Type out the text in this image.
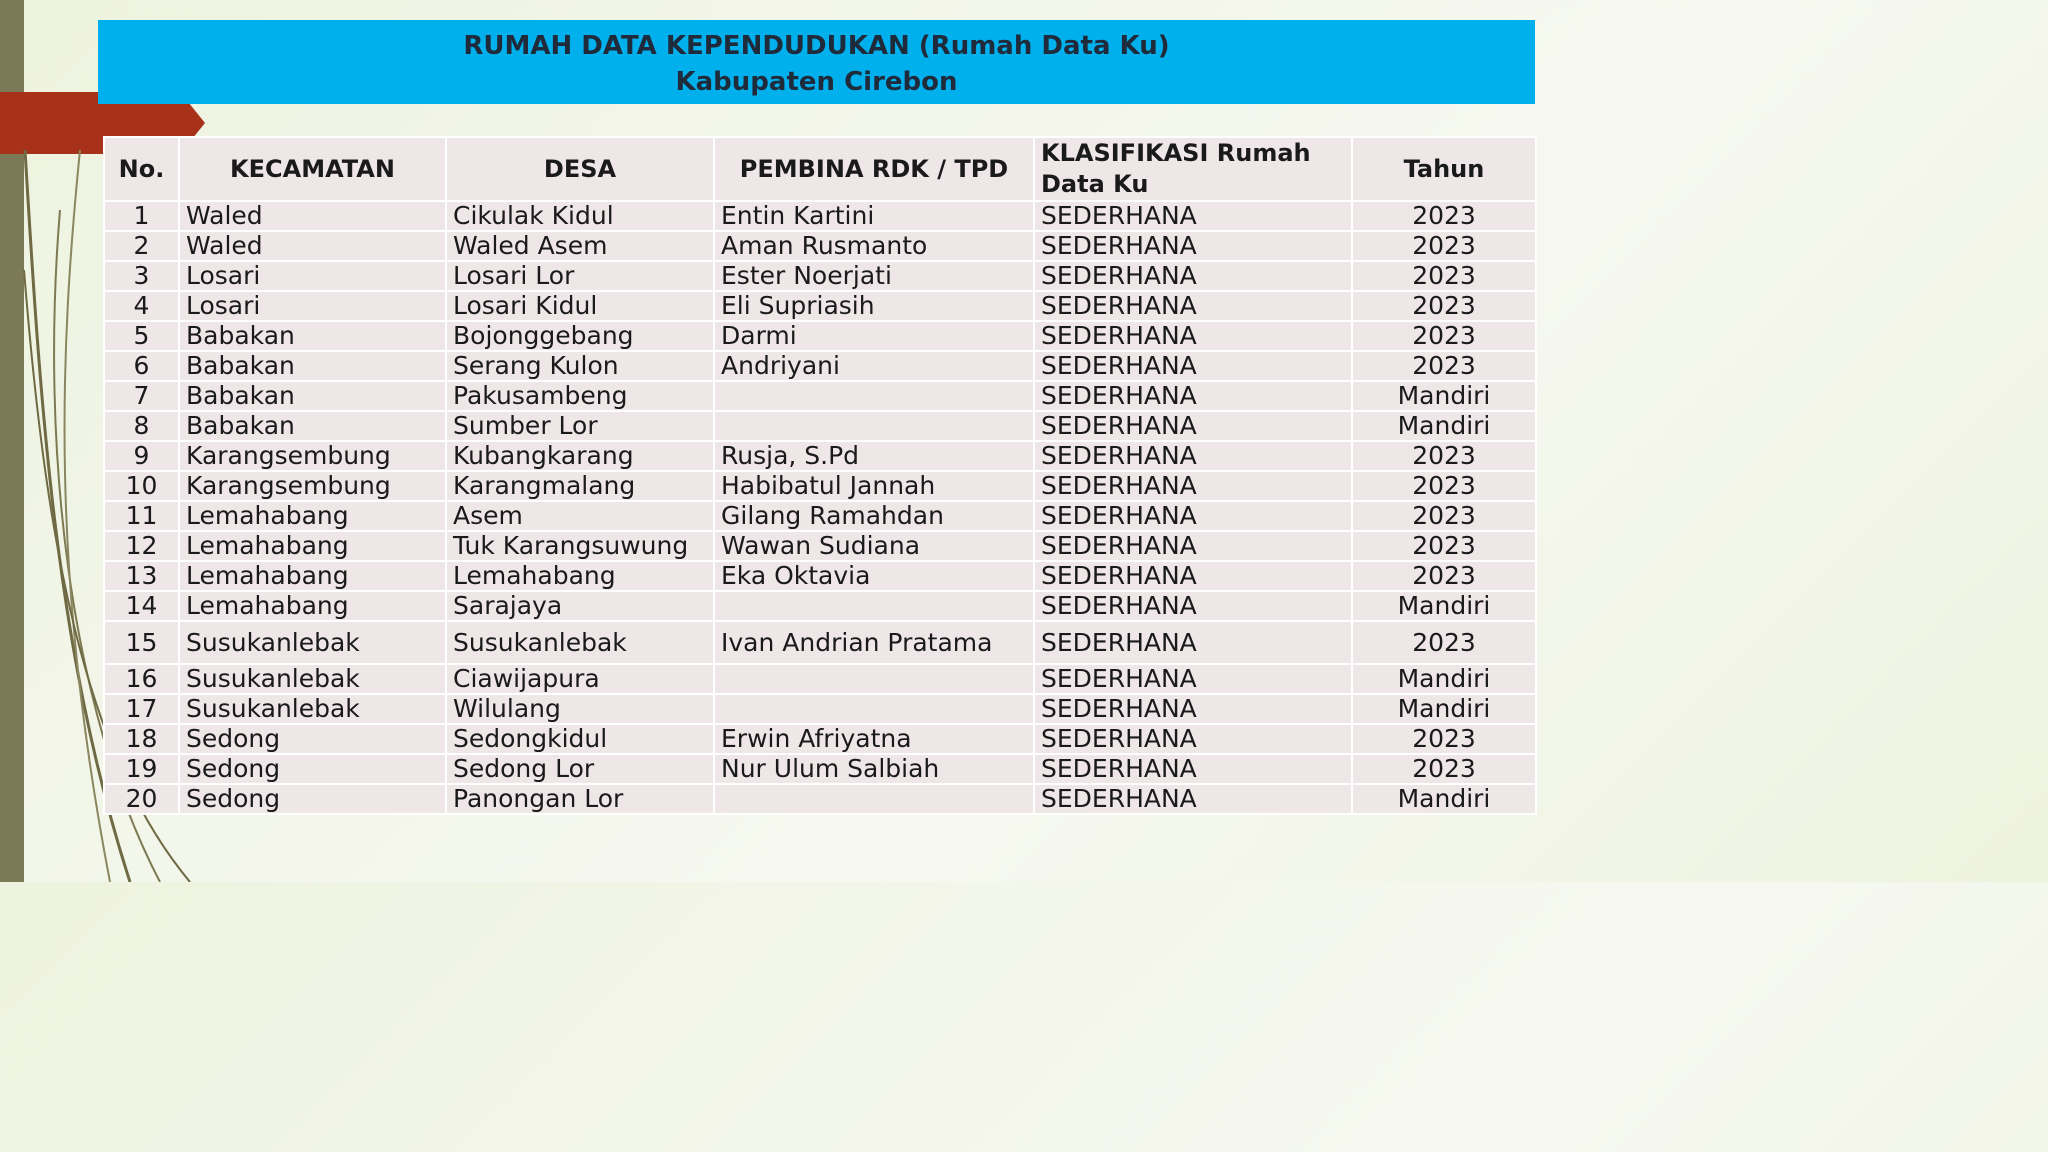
RUMAH DATA KEPENDUDUKAN (Rumah Data Ku)
Kabupaten Cirebon
No.	KECAMATAN	DESA	PEMBINA RDK / TPD	KLASIFIKASI Rumah Data Ku	Tahun
1	Waled	Cikulak Kidul	Entin Kartini	SEDERHANA	2023
2	Waled	Waled Asem	Aman Rusmanto	SEDERHANA	2023
3	Losari	Losari Lor	Ester Noerjati	SEDERHANA	2023
4	Losari	Losari Kidul	Eli Supriasih	SEDERHANA	2023
5	Babakan	Bojonggebang	Darmi	SEDERHANA	2023
6	Babakan	Serang Kulon	Andriyani	SEDERHANA	2023
7	Babakan	Pakusambeng		SEDERHANA	Mandiri
8	Babakan	Sumber Lor		SEDERHANA	Mandiri
9	Karangsembung	Kubangkarang	Rusja, S.Pd	SEDERHANA	2023
10	Karangsembung	Karangmalang	Habibatul Jannah	SEDERHANA	2023
11	Lemahabang	Asem	Gilang Ramahdan	SEDERHANA	2023
12	Lemahabang	Tuk Karangsuwung	Wawan Sudiana	SEDERHANA	2023
13	Lemahabang	Lemahabang	Eka Oktavia	SEDERHANA	2023
14	Lemahabang	Sarajaya		SEDERHANA	Mandiri
15	Susukanlebak	Susukanlebak	Ivan Andrian Pratama	SEDERHANA	2023
16	Susukanlebak	Ciawijapura		SEDERHANA	Mandiri
17	Susukanlebak	Wilulang		SEDERHANA	Mandiri
18	Sedong	Sedongkidul	Erwin Afriyatna	SEDERHANA	2023
19	Sedong	Sedong Lor	Nur Ulum Salbiah	SEDERHANA	2023
20	Sedong	Panongan Lor		SEDERHANA	Mandiri
